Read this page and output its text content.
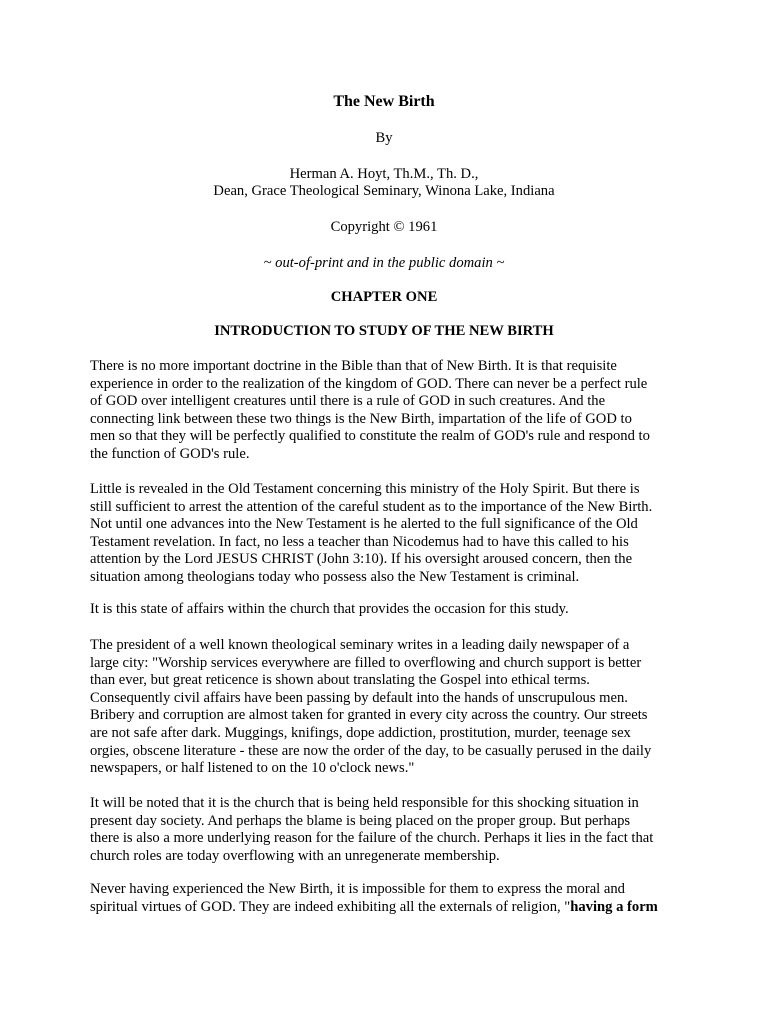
The New Birth
By
Herman A. Hoyt, Th.M., Th. D.,
Dean, Grace Theological Seminary, Winona Lake, Indiana
Copyright © 1961
~ out-of-print and in the public domain ~
CHAPTER ONE
INTRODUCTION TO STUDY OF THE NEW BIRTH
There is no more important doctrine in the Bible than that of New Birth. It is that requisite
experience in order to the realization of the kingdom of GOD. There can never be a perfect rule
of GOD over intelligent creatures until there is a rule of GOD in such creatures. And the
connecting link between these two things is the New Birth, impartation of the life of GOD to
men so that they will be perfectly qualified to constitute the realm of GOD's rule and respond to
the function of GOD's rule.
Little is revealed in the Old Testament concerning this ministry of the Holy Spirit. But there is
still sufficient to arrest the attention of the careful student as to the importance of the New Birth.
Not until one advances into the New Testament is he alerted to the full significance of the Old
Testament revelation. In fact, no less a teacher than Nicodemus had to have this called to his
attention by the Lord JESUS CHRIST (John 3:10). If his oversight aroused concern, then the
situation among theologians today who possess also the New Testament is criminal.
It is this state of affairs within the church that provides the occasion for this study.
The president of a well known theological seminary writes in a leading daily newspaper of a
large city: "Worship services everywhere are filled to overflowing and church support is better
than ever, but great reticence is shown about translating the Gospel into ethical terms.
Consequently civil affairs have been passing by default into the hands of unscrupulous men.
Bribery and corruption are almost taken for granted in every city across the country. Our streets
are not safe after dark. Muggings, knifings, dope addiction, prostitution, murder, teenage sex
orgies, obscene literature - these are now the order of the day, to be casually perused in the daily
newspapers, or half listened to on the 10 o'clock news."
It will be noted that it is the church that is being held responsible for this shocking situation in
present day society. And perhaps the blame is being placed on the proper group. But perhaps
there is also a more underlying reason for the failure of the church. Perhaps it lies in the fact that
church roles are today overflowing with an unregenerate membership.
Never having experienced the New Birth, it is impossible for them to express the moral and
spiritual virtues of GOD. They are indeed exhibiting all the externals of religion, "having a form
